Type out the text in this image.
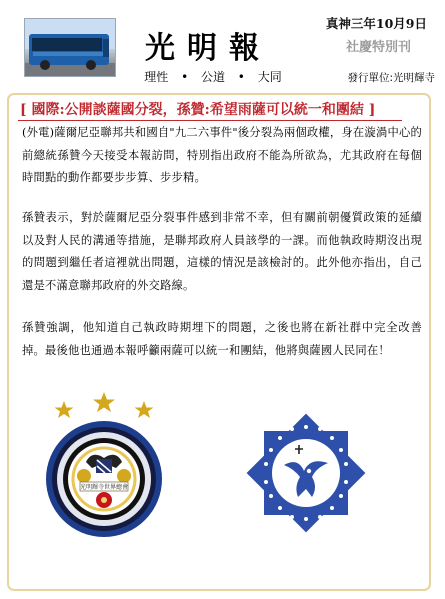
光明報
理性 • 公道 • 大同
真神三年10月9日
社慶特別刊
發行單位:光明輝寺
[ 國際:公開談薩國分裂，孫贊:希望雨薩可以統一和團結 ]

(外電)薩爾尼亞聯邦共和國自"九二六事件"後分裂為兩個政權，身在漩渦中心的前總統孫贊今天接受本報訪問，特別指出政府不能為所欲為，尤其政府在每個時間點的動作都要步步算、步步精。

孫贊表示，對於薩爾尼亞分裂事件感到非常不幸，但有關前朝優質政策的延續以及對人民的溝通等措施，是聯邦政府人員該學的一課。而他執政時期沒出現的問題到繼任者這裡就出問題，這樣的情況是該檢討的。此外他亦指出，自己還是不滿意聯邦政府的外交路線。

孫贊強調，他知道自己執政時期埋下的問題，之後也將在新社群中完全改善掉。最後他也通過本報呼籲兩薩可以統一和團結，他將與薩國人民同在！

光明輝寺世界總會
